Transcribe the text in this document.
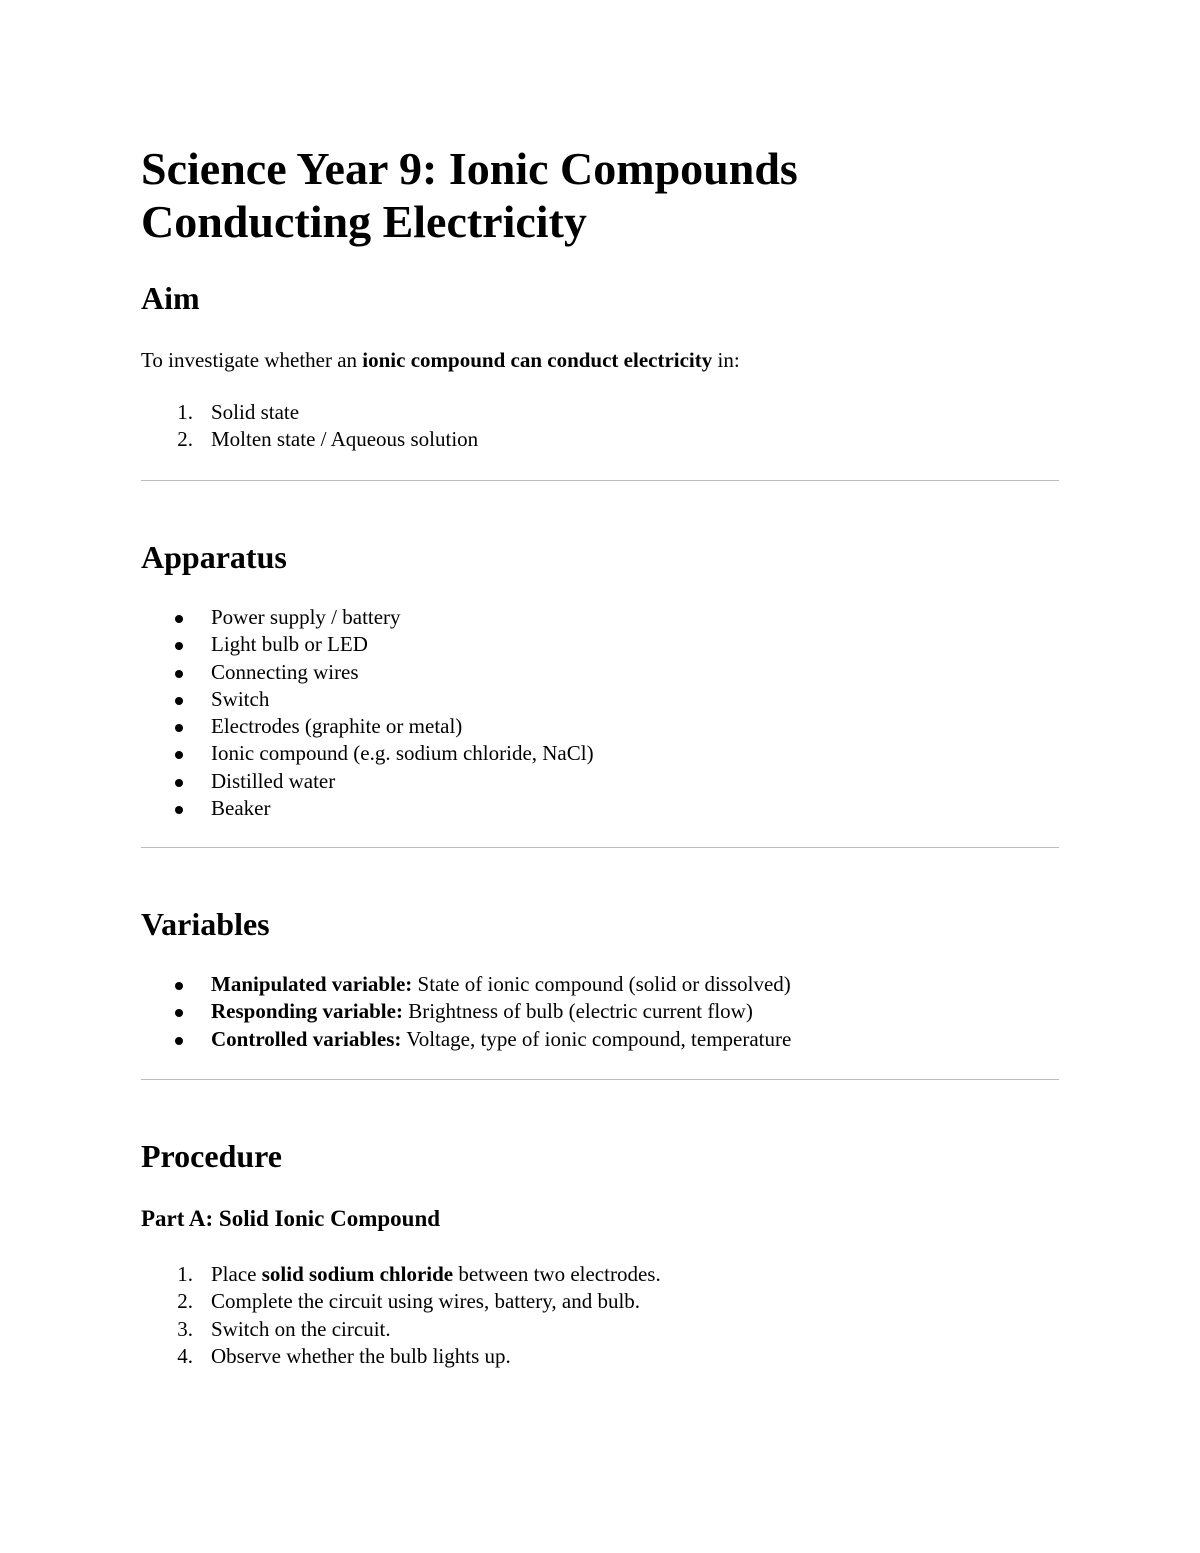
Science Year 9: Ionic Compounds
Conducting Electricity
Aim

To investigate whether an ionic compound can conduct electricity in:

1. Solid state
2. Molten state / Aqueous solution
Apparatus
Power supply / battery
Light bulb or LED
Connecting wires
Switch
Electrodes (graphite or metal)
Ionic compound (e.g. sodium chloride, NaCl)
Distilled water
Beaker
Variables
Manipulated variable: State of ionic compound (solid or dissolved)
Responding variable: Brightness of bulb (electric current flow)
Controlled variables: Voltage, type of ionic compound, temperature
Procedure
Part A: Solid Ionic Compound
1. Place solid sodium chloride between two electrodes.
2. Complete the circuit using wires, battery, and bulb.
3. Switch on the circuit.
4. Observe whether the bulb lights up.
